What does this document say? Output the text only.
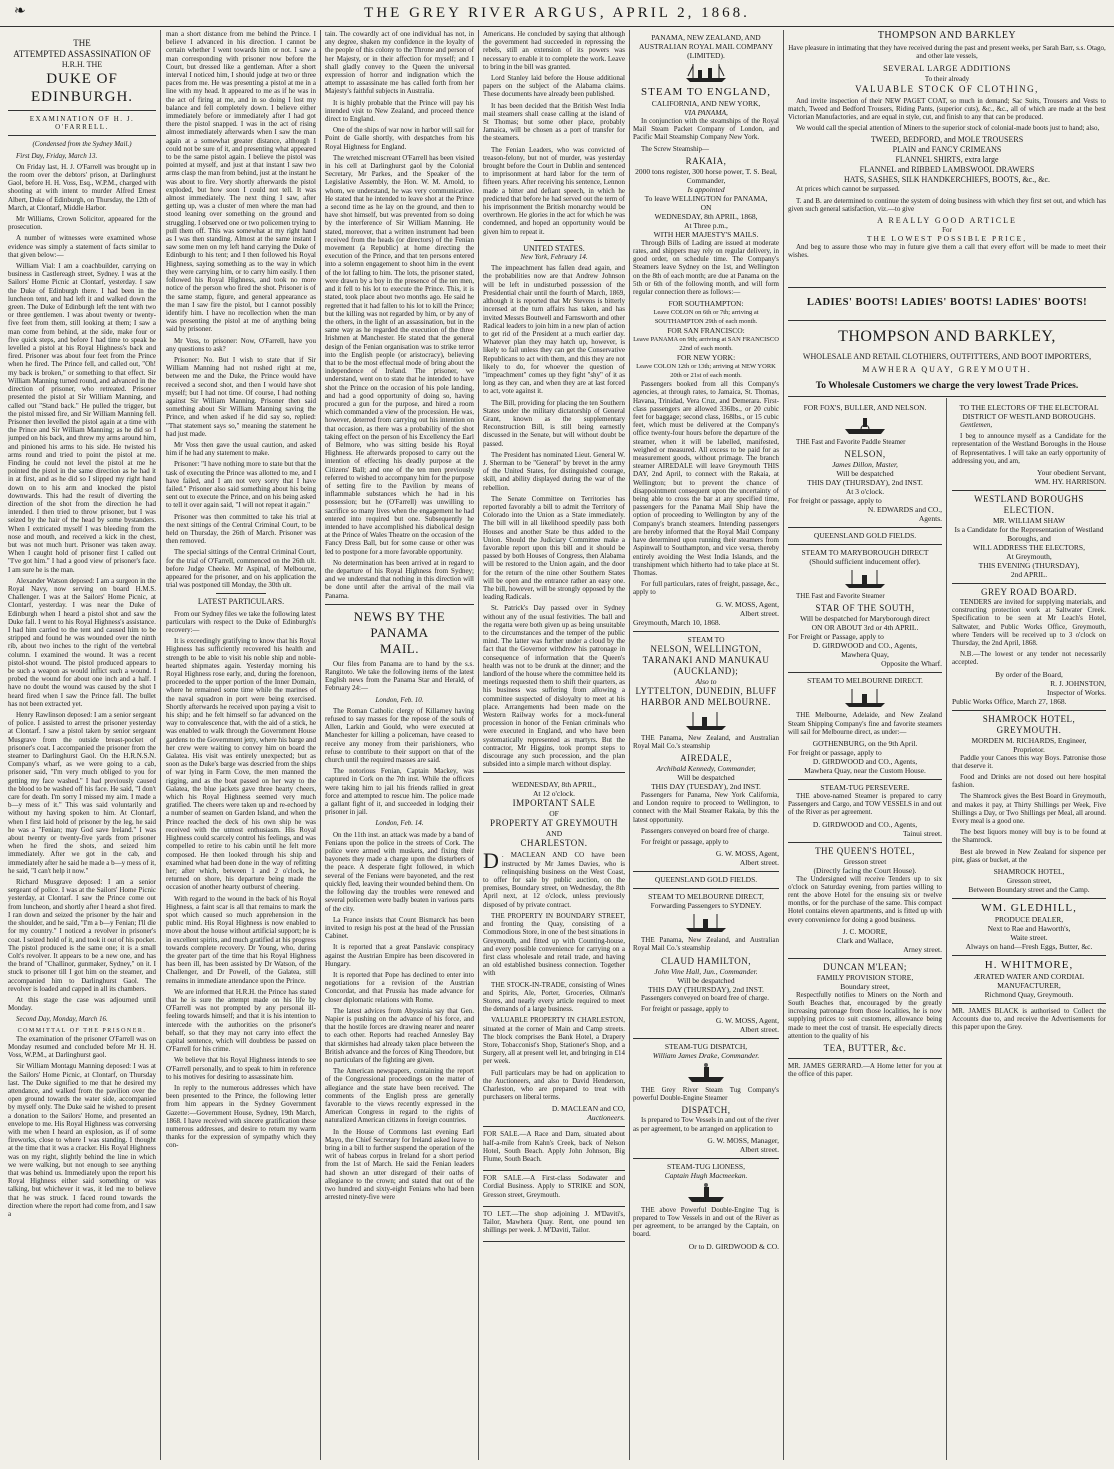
❧	THE GREY RIVER ARGUS, APRIL 2, 1868.
THE
ATTEMPTED ASSASSINATION OF
H.R.H. THE
DUKE OF EDINBURGH.
EXAMINATION OF H. J. O'FARRELL.
(Condensed from the Sydney Mail.)

First Day, Friday, March 13.

On Friday last, H. J. O'Farrell was brought up in the room over the debtors' prison, at Darlinghurst Gaol, before H. H. Voss, Esq., W.P.M., charged with shooting at with intent to murder Alfred Ernest Albert, Duke of Edinburgh, on Thursday, the 12th of March, at Clontarf, Middle Harbor.

Mr Williams, Crown Solicitor, appeared for the prosecution.

A number of witnesses were examined whose evidence was simply a statement of facts similar to that given below:—

William Vial: I am a coachbuilder, carrying on business in Castlereagh street, Sydney. I was at the Sailors' Home Picnic at Clontarf, yesterday. I saw the Duke of Edinburgh there. I had been in the luncheon tent, and had left it and walked down the green. The Duke of Edinburgh left the tent with two or three gentlemen. I was about twenty or twenty-five feet from them, still looking at them; I saw a man come from behind, at the side, make four or five quick steps, and before I had time to speak he levelled a pistol at his Royal Highness's back and fired. Prisoner was about four feet from the Prince when he fired. The Prince fell, and called out, "Oh! my back is broken," or something to that effect. Sir William Manning turned round, and advanced in the direction of prisoner, who retreated. Prisoner presented the pistol at Sir William Manning, and called out "Stand back." He pulled the trigger, but the pistol missed fire, and Sir William Manning fell. Prisoner then levelled the pistol again at a time with the Prince and Sir William Manning; as he did so I jumped on his back, and threw my arms around him, and pinioned his arms to his side. He twisted his arms round and tried to point the pistol at me. Finding he could not level the pistol at me he pointed the pistol in the same direction as he had it in at first, and as he did so I slipped my right hand down on to his arm and knocked the pistol downwards. This had the result of diverting the direction of the shot from the direction he had intended. I then tried to throw prisoner, but I was seized by the hair of the head by some bystanders. When I extricated myself I was bleeding from the nose and mouth, and received a kick in the chest, but was not much hurt. Prisoner was taken away. When I caught hold of prisoner first I called out "I've got him." I had a good view of prisoner's face. I am sure he is the man.

Alexander Watson deposed: I am a surgeon in the Royal Navy, now serving on board H.M.S. Challenger. I was at the Sailors' Home Picnic, at Clontarf, yesterday. I was near the Duke of Edinburgh when I heard a pistol shot and saw the Duke fall. I went to his Royal Highness's assistance. I had him carried to the tent and caused him to be stripped and found he was wounded over the ninth rib, about two inches to the right of the vertebral column. I examined the wound. It was a recent pistol-shot wound. The pistol produced appears to be such a weapon as would inflict such a wound. I probed the wound for about one inch and a half. I have no doubt the wound was caused by the shot I heard fired when I saw the Prince fall. The bullet has not been extracted yet.

Henry Rawlinson deposed: I am a senior sergeant of police. I assisted to arrest the prisoner yesterday at Clontarf. I saw a pistol taken by senior sergeant Musgrave from the outside breast-pocket of prisoner's coat. I accompanied the prisoner from the steamer to Darlinghurst Gaol. On the H.R.N.S.N. Company's wharf, as we were going to a cab, prisoner said, "I'm very much obliged to you for getting my face washed." I had previously caused the blood to be washed off his face. He said, "I don't care for death. I'm sorry I missed my aim. I made a b—y mess of it." This was said voluntarily and without my having spoken to him. At Clontarf, when I first laid hold of prisoner by the leg, he said he was a "Fenian; may God save Ireland." I was about twenty or twenty-five yards from prisoner when he fired the shots, and seized him immediately. After we got in the cab, and immediately after he said he made a b—y mess of it, he said, "I can't help it now."

Richard Musgrave deposed: I am a senior sergeant of police. I was at the Sailors' Home Picnic yesterday, at Clontarf. I saw the Prince come out from luncheon, and shortly after I heard a shot fired. I ran down and seized the prisoner by the hair and the shoulder, and he said, "I'm a b—y Fenian; I'll die for my country." I noticed a revolver in prisoner's coat. I seized hold of it, and took it out of his pocket. The pistol produced is the same one; it is a small Colt's revolver. It appears to be a new one, and has the brand of "Challinor, gunmaker, Sydney," on it. I stuck to prisoner till I got him on the steamer, and accompanied him to Darlinghurst Gaol. The revolver is loaded and capped in all its chambers.

At this stage the case was adjourned until Monday.

Second Day, Monday, March 16.

COMMITTAL OF THE PRISONER.

The examination of the prisoner O'Farrell was on Monday resumed and concluded before Mr H. H. Voss, W.P.M., at Darlinghurst gaol.

Sir William Montagu Manning deposed: I was at the Sailors' Home Picnic, at Clontarf, on Thursday last. The Duke signified to me that he desired my attendance, and walked from the pavilion over the open ground towards the water side, accompanied by myself only. The Duke said he wished to present a donation to the Sailors' Home, and presented an envelope to me. His Royal Highness was conversing with me when I heard an explosion, as if of some fireworks, close to where I was standing. I thought at the time that it was a cracker. His Royal Highness was on my right, slightly behind the line in which we were walking, but not enough to see anything that was behind us. Immediately upon the report his Royal Highness either said something or was talking, but whichever it was, it led me to believe that he was struck. I faced round towards the direction where the report had come from, and I saw a

man a short distance from me behind the Prince. I believe I advanced in his direction. I cannot be certain whether I went towards him or not. I saw a man corresponding with prisoner now before the Court, but dressed like a gentleman. After a short interval I noticed him, I should judge at two or three paces from me. He was presenting a pistol at me in a line with my head. It appeared to me as if he was in the act of firing at me, and in so doing I lost my balance and fell completely down. I believe either immediately before or immediately after I had got there the pistol snapped. I was in the act of rising almost immediately afterwards when I saw the man again at a somewhat greater distance, although I could not be sure of it, and presenting what appeared to be the same pistol again. I believe the pistol was pointed at myself, and just at that instant I saw two arms clasp the man from behind, just at the instant he was about to fire. Very shortly afterwards the pistol exploded, but how soon I could not tell. It was almost immediately. The next thing I saw, after getting up, was a cluster of men where the man had stood leaning over something on the ground and struggling. I observed one or two policemen trying to pull them off. This was somewhat at my right hand as I was then standing. Almost at the same instant I saw some men on my left hand carrying the Duke of Edinburgh to his tent; and I then followed his Royal Highness, saying something as to the way in which they were carrying him, or to carry him easily. I then followed his Royal Highness, and took no more notice of the person who fired the shot. Prisoner is of the same stamp, figure, and general appearance as the man I saw fire the pistol, but I cannot possibly identify him. I have no recollection when the man was presenting the pistol at me of anything being said by prisoner.

Mr Voss, to prisoner: Now, O'Farrell, have you any questions to ask?

Prisoner: No. But I wish to state that if Sir William Manning had not rushed right at me, between me and the Duke, the Prince would have received a second shot, and then I would have shot myself; but I had not time. Of course, I had nothing against Sir William Manning. Prisoner then said something about Sir William Manning saving the Prince, and when asked if he did say so, replied: "That statement says so," meaning the statement he had just made.

Mr Voss then gave the usual caution, and asked him if he had any statement to make.

Prisoner: "I have nothing more to state but that the task of executing the Prince was allotted to me, and I have failed, and I am not very sorry that I have failed." Prisoner also said something about his being sent out to execute the Prince, and on his being asked to tell it over again said, "I will not repeat it again."

Prisoner was then committed to take his trial at the next sittings of the Central Criminal Court, to be held on Thursday, the 26th of March. Prisoner was then removed.

The special sittings of the Central Criminal Court, for the trial of O'Farrell, commenced on the 26th ult. before Judge Cheeke. Mr Aspinal, of Melbourne, appeared for the prisoner, and on his application the trial was postponed till Monday, the 30th ult.

LATEST PARTICULARS.

From our Sydney files we take the following latest particulars with respect to the Duke of Edinburgh's recovery:—

It is exceedingly gratifying to know that his Royal Highness has sufficiently recovered his health and strength to be able to visit his noble ship and noble-hearted shipmates again. Yesterday morning his Royal Highness rose early, and, during the forenoon, proceeded to the upper portion of the Inner Domain, where he remained some time while the marines of the naval squadron in port were being exercised. Shortly afterwards he received upon paying a visit to his ship; and he felt himself so far advanced on the way to convalescence that, with the aid of a stick, he was enabled to walk through the Government House gardens to the Government jetty, where his barge and her crew were waiting to convey him on board the Galatea. His visit was entirely unexpected; but as soon as the Duke's barge was descried from the ships of war lying in Farm Cove, the men manned the rigging, and as the boat passed on her way to the Galatea, the blue jackets gave three hearty cheers, which his Royal Highness seemed very much gratified. The cheers were taken up and re-echoed by a number of seamen on Garden Island, and when the Prince reached the deck of his own ship he was received with the utmost enthusiasm. His Royal Highness could scarcely control his feelings, and was compelled to retire to his cabin until he felt more composed. He then looked through his ship and examined what had been done in the way of refitting her; after which, between 1 and 2 o'clock, he returned on shore, his departure being made the occasion of another hearty outburst of cheering.

With regard to the wound in the back of his Royal Highness, a faint scar is all that remains to mark the spot which caused so much apprehension in the public mind. His Royal Highness is now enabled to move about the house without artificial support; he is in excellent spirits, and much gratified at his progress towards complete recovery. Dr Young, who, during the greater part of the time that his Royal Highness has been ill, has been assisted by Dr Watson, of the Challenger, and Dr Powell, of the Galatea, still remains in immediate attendance upon the Prince.

We are informed that H.R.H. the Prince has stated that he is sure the attempt made on his life by O'Farrell was not prompted by any personal ill-feeling towards himself; and that it is his intention to intercede with the authorities on the prisoner's behalf, so that they may not carry into effect the capital sentence, which will doubtless be passed on O'Farrell for his crime.

We believe that his Royal Highness intends to see O'Farrell personally, and to speak to him in reference to his motives for desiring to assassinate him.

In reply to the numerous addresses which have been presented to the Prince, the following letter from him appears in the Sydney Government Gazette:—Government House, Sydney, 19th March, 1868. I have received with sincere gratification these numerous addresses, and desire to return my warm thanks for the expression of sympathy which they con-

tain. The cowardly act of one individual has not, in any degree, shaken my confidence in the loyalty of the people of this colony to the Throne and person of her Majesty, or in their affection for myself; and I shall gladly convey to the Queen the universal expression of horror and indignation which the attempt to assassinate me has called forth from her Majesty's faithful subjects in Australia.

It is highly probable that the Prince will pay his intended visit to New Zealand, and proceed thence direct to England.

One of the ships of war now in harbor will sail for Point de Galle shortly, with despatches from his Royal Highness for England.

The wretched miscreant O'Farrell has been visited in his cell at Darlinghurst gaol by the Colonial Secretary, Mr Parkes, and the Speaker of the Legislative Assembly, the Hon. W. M. Arnold, to whom, we understand, he was very communicative. He stated that he intended to leave shot at the Prince a second time as he lay on the ground, and then to have shot himself, but was prevented from so doing by the interference of Sir William Manning. He stated, moreover, that a written instrument had been received from the heads (or directors) of the Fenian movement (a Republic) at home directing the execution of the Prince, and that ten persons entered into a solemn engagement to shoot him in the event of the lot falling to him. The lots, the prisoner stated, were drawn by a boy in the presence of the ten men, and it fell to his lot to execute the Prince. This, it is stated, took place about two months ago. He said he regretted that it had fallen to his lot to kill the Prince; but the killing was not regarded by him, or by any of the others, in the light of an assassination, but in the same way as he regarded the execution of the three Irishmen at Manchester. He stated that the general design of the Fenian organisation was to strike terror into the English people (or aristocracy), believing that to be the most effectual mode of bring about the independence of Ireland. The prisoner, we understand, went on to state that he intended to have shot the Prince on the occasion of his pole landing, and had a good opportunity of doing so, having procured a gun for the purpose, and hired a room which commanded a view of the procession. He was, however, deterred from carrying out his intention on that occasion, as there was a probability of the shot taking effect on the person of his Excellency the Earl of Belmore, who was sitting beside his Royal Highness. He afterwards proposed to carry out the intention of effecting his deadly purpose at the Citizens' Ball; and one of the ten men previously referred to wished to accompany him for the purpose of setting fire to the Pavilion by means of inflammable substances which he had in his possession; but he (O'Farrell) was unwilling to sacrifice so many lives when the engagement he had entered into required but one. Subsequently he intended to have accomplished his diabolical design at the Prince of Wales Theatre on the occasion of the Fancy Dress Ball, but for some cause or other was led to postpone for a more favorable opportunity.

No determination has been arrived at in regard to the departure of his Royal Highness from Sydney; and we understand that nothing in this direction will be done until after the arrival of the mail via Panama.

NEWS BY THE PANAMA
MAIL.

Our files from Panama are to hand by the s.s. Rangitoto. We take the following items of the latest English news from the Panama Star and Herald, of February 24:—

London, Feb. 10.

The Roman Catholic clergy of Killarney having refused to say masses for the repose of the souls of Allen, Larkin and Gould, who were executed at Manchester for killing a policeman, have ceased to receive any money from their parishioners, who refuse to contribute to their support on that of the church until the required masses are said.

The notorious Fenian, Captain Mackey, was captured in Cork on the 7th inst. While the officers were taking him to jail his friends rallied in great force and attempted to rescue him. The police made a gallant fight of it, and succeeded in lodging their prisoner in jail.

London, Feb. 14.

On the 11th inst. an attack was made by a band of Fenians upon the police in the streets of Cork. The police were armed with muskets, and fixing their bayonets they made a charge upon the disturbers of the peace. A desperate fight followed, in which several of the Fenians were bayoneted, and the rest quickly fled, leaving their wounded behind them. On the following day the troubles were renewed and several policemen were badly beaten in various parts of the city.

La France insists that Count Bismarck has been invited to resign his post at the head of the Prussian Cabinet.

It is reported that a great Panslavic conspiracy against the Austrian Empire has been discovered in Hungary.

It is reported that Pope has declined to enter into negotiations for a revision of the Austrian Concordat, and that Prussia has made advance for closer diplomatic relations with Rome.

The latest advices from Abyssinia say that Gen. Napier is pushing on the advance of his force, and that the hostile forces are drawing nearer and nearer to each other. Reports had reached Annesley Bay that skirmishes had already taken place between the British advance and the forces of King Theodore, but no particulars of the fighting are given.

The American newspapers, containing the report of the Congressional proceedings on the matter of allegiance and the state have been received. The comments of the English press are generally favorable to the views recently expressed in the American Congress in regard to the rights of naturalized American citizens in foreign countries.

In the House of Commons last evening Earl Mayo, the Chief Secretary for Ireland asked leave to bring in a bill to further suspend the operation of the writ of habeas corpus in Ireland for a short period from the 1st of March. He said the Fenian leaders had shown an utter disregard of their oaths of allegiance to the crown; and stated that out of the two hundred and sixty-eight Fenians who had been arrested ninety-five were

Americans. He concluded by saying that although the government had succeeded in repressing the rebels, still an extension of its powers was necessary to enable it to complete the work. Leave to bring in the bill was granted.

Lord Stanley laid before the House additional papers on the subject of the Alabama claims. These documents have already been published.

It has been decided that the British West India mail steamers shall cease calling at the island of St Thomas; but some other place, probably Jamaica, will be chosen as a port of transfer for the steamers.

The Fenian Leaders, who was convicted of treason-felony, but not of murder, was yesterday brought before the Court in Dublin and sentenced to imprisonment at hard labor for the term of fifteen years. After receiving his sentence, Lennon made a bitter and defiant speech, in which he predicted that before he had served out the term of his imprisonment the British monarchy would be overthrown. He glories in the act for which he was condemned, and hoped an opportunity would be given him to repeat it.

UNITED STATES.

New York, February 14.

The impeachment has fallen dead again, and the probabilities now are that Andrew Johnson will be left in undisturbed possession of the Presidential chair until the fourth of March, 1869, although it is reported that Mr Stevens is bitterly incensed at the turn affairs has taken, and has invited Messrs Boutwell and Farnsworth and other Radical leaders to join him in a new plan of action to get rid of the President at a much earlier day. Whatever plan they may hatch up, however, is likely to fail unless they can get the Conservative Republicans to act with them, and this they are not likely to do, for whoever the question of "impeachment" comes up they fight "shy" of it as long as they can, and when they are at last forced to act, vote against it.

The Bill, providing for placing the ten Southern States under the military dictatorship of General Grant, known as the supplementary Reconstruction Bill, is still being earnestly discussed in the Senate, but will without doubt be passed.

The President has nominated Lieut. General W. J. Sherman to be "General" by brevet in the army of the United States, for distinguished courage, skill, and ability displayed during the war of the rebellion.

The Senate Committee on Territories has reported favorably a bill to admit the Territory of Colorado into the Union as a State immediately. The bill will in all likelihood speedily pass both Houses and another State be thus added to the Union. Should the Judiciary Committee make a favorable report upon this bill and it should be passed by both Houses of Congress, then Alabama will be restored to the Union again, and the door for the return of the nine other Southern States will be open and the entrance rather an easy one. The bill, however, will be strongly opposed by the leading Radicals.

St. Patrick's Day passed over in Sydney without any of the usual festivities. The ball and the regatta were both given up as being unsuitable to the circumstances and the temper of the public mind. The latter was further under a cloud by the fact that the Governor withdrew his patronage in consequence of information that the Queen's health was not to be drunk at the dinner; and the landlord of the house where the committee held its meetings requested them to shift their quarters, as his business was suffering from allowing a committee suspected of disloyalty to meet at his place. Arrangements had been made on the Western Railway works for a mock-funeral procession in honor of the Fenian criminals who were executed in England, and who have been systematically represented as martyrs. But the contractor, Mr Higgins, took prompt steps to discourage any such procession, and the plan subsided into a simple march without display.

WEDNESDAY, 8th APRIL,
At 12 o'clock.
IMPORTANT SALE
OF
PROPERTY AT GREYMOUTH
AND
CHARLESTON.

D . MACLEAN AND CO have been instructed by Mr James Davies, who is relinquishing business on the West Coast, to offer for sale by public auction, on the premises, Boundary street, on Wednesday, the 8th April next, at 12 o'clock, unless previously disposed of by private contract.

THE PROPERTY IN BOUNDARY STREET, and fronting the Quay, consisting of a Commodious Store, in one of the best situations in Greymouth, and fitted up with Counting-house, and every possible convenience for carrying on a first class wholesale and retail trade, and having an old established business connection. Together with

THE STOCK-IN-TRADE, consisting of Wines and Spirits, Ale, Porter, Groceries, Oilman's Stores, and nearly every article required to meet the demands of a large business.

VALUABLE PROPERTY IN CHARLESTON, situated at the corner of Main and Camp streets. The block comprises the Bank Hotel, a Drapery Store, Tobacconist's Shop, Stationer's Shop, and a Surgery, all at present well let, and bringing in £14 per week.

Full particulars may be had on application to the Auctioneers, and also to David Henderson, Charleston, who are prepared to treat with purchasers on liberal terms.

D. MACLEAN and CO,
Auctioneers.

FOR SALE.—A Race and Dam, situated about half-a-mile from Kahn's Creek, back of Nelson Hotel, South Beach. Apply John Johnson, Big Flume, South Beach.

FOR SALE.—A First-class Sodawater and Cordial Business. Apply to STRIKE and SON, Gresson street, Greymouth.

TO LET.—The shop adjoining J. M'Daviti's, Tailor, Mawhera Quay. Rent, one pound ten shillings per week. J. M'Daviti, Tailor.

PANAMA, NEW ZEALAND, AND AUSTRALIAN ROYAL MAIL COMPANY
(LIMITED).
STEAM TO ENGLAND,
CALIFORNIA, AND NEW YORK,
VIA PANAMA,

In conjunction with the steamships of the Royal Mail Steam Packet Company of London, and Pacific Mail Steamship Company New York.

The Screw Steamship—

RAKAIA,
2000 tons register, 300 horse power, T. S. Beal, Commander,
Is appointed
To leave WELLINGTON for PANAMA,
ON
WEDNESDAY, 8th APRIL, 1868,
At Three p.m.,
WITH HER MAJESTY'S MAILS.

Through Bills of Lading are issued at moderate rates, and shippers may rely on regular delivery, in good order, on schedule time. The Company's Steamers leave Sydney on the 1st, and Wellington on the 8th of each month; are due at Panama on the 5th or 6th of the following month, and will form regular connection there as follows:—

FOR SOUTHAMPTON:
Leave COLON on 6th or 7th; arriving at SOUTHAMPTON 29th of each month.
FOR SAN FRANCISCO:
Leave PANAMA on 9th; arriving at SAN FRANCISCO 22nd of each month.
FOR NEW YORK:
Leave COLON 12th or 13th; arriving at NEW YORK 20th or 21st of each month.

Passengers booked from all this Company's agencies, at through rates, to Jamaica, St. Thomas, Havana, Trinidad, Vera Cruz, and Demerara. First-class passengers are allowed 336lbs., or 20 cubic feet for baggage; second class, 168lbs., or 15 cubic feet, which must be delivered at the Company's office twenty-four hours before the departure of the steamer, when it will be labelled, manifested, weighed or measured. All excess to be paid for as measurement goods, without primage. The branch steamer AIREDALE will leave Greymouth THIS DAY, 2nd April, to connect with the Rakaia, at Wellington; but to prevent the chance of disappointment consequent upon the uncertainty of being able to cross the bar at any specified time, passengers for the Panama Mail Ship have the option of proceeding to Wellington by any of the Company's branch steamers. Intending passengers are hereby informed that the Royal Mail Company have determined upon running their steamers from Aspinwall to Southampton, and vice versa, thereby entirely avoiding the West India Islands, and the transhipment which hitherto had to take place at St. Thomas.

For full particulars, rates of freight, passage, &c., apply to

G. W. MOSS, Agent,
Albert street.
Greymouth, March 10, 1868.
STEAM TO
NELSON, WELLINGTON, TARANAKI AND MANUKAU (AUCKLAND);
Also to
LYTTELTON, DUNEDIN, BLUFF HARBOR AND MELBOURNE.

THE Panama, New Zealand, and Australian Royal Mail Co.'s steamship

AIREDALE,
Archibald Kennedy, Commander,
Will be despatched
THIS DAY (TUESDAY), 2nd INST.

Passengers for Panama, New York California, and London require to proceed to Wellington, to connect with the Mail Steamer Rakaia, by this the latest opportunity.

Passengers conveyed on board free of charge.

For freight or passage, apply to

G. W. MOSS, Agent,
Albert street.
QUEENSLAND GOLD FIELDS.
STEAM TO MELBOURNE DIRECT,
Forwarding Passengers to SYDNEY.

THE Panama, New Zealand, and Australian Royal Mail Co.'s steamship

CLAUD HAMILTON,
John Vine Hall, Jun., Commander.
Will be despatched
THIS DAY (THURSDAY), 2nd INST.

Passengers conveyed on board free of charge.

For freight or passage, apply to

G. W. MOSS, Agent,
Albert street.
STEAM-TUG DISPATCH,
William James Drake, Commander.

THE Grey River Steam Tug Company's powerful Double-Engine Steamer

DISPATCH,

Is prepared to Tow Vessels in and out of the river as per agreement, to be arranged on application to

G. W. MOSS, Manager,
Albert street.
STEAM-TUG LIONESS,
Captain Hugh Macmeekan.

THE above Powerful Double-Engine Tug is prepared to Tow Vessels in and out of the River as per agreement, to be arranged by the Captain, on board.

Or to D. GIRDWOOD & CO.
THOMPSON AND BARKLEY

Have pleasure in intimating that they have received during the past and present weeks, per Sarah Barr, s.s. Otago, and other late vessels,

SEVERAL LARGE ADDITIONS
To their already
VALUABLE STOCK OF CLOTHING,

And invite inspection of their NEW PAGET COAT, so much in demand; Sac Suits, Trousers and Vests to match, Tweed and Bedford Trousers, Riding Pants, (superior cuts), &c., &c., all of which are made at the best Victorian Manufactories, and are equal in style, cut, and finish to any that can be produced.

We would call the special attention of Miners to the superior stock of colonial-made boots just to hand; also,

TWEED, BEDFORD, and MOLE TROUSERS
PLAIN and FANCY CRIMEANS
FLANNEL SHIRTS, extra large
FLANNEL and RIBBED LAMBSWOOL DRAWERS
HATS, SASHES, SILK HANDKERCHIEFS, BOOTS, &c., &c.

At prices which cannot be surpassed.

T. and B. are determined to continue the system of doing business with which they first set out, and which has given such general satisfaction, viz.—to give

A REALLY GOOD ARTICLE
For
THE LOWEST POSSIBLE PRICE,

And beg to assure those who may in future give them a call that every effort will be made to meet their wishes.

LADIES' BOOTS! LADIES' BOOTS! LADIES' BOOTS!
THOMPSON AND BARKLEY,
WHOLESALE AND RETAIL CLOTHIERS, OUTFITTERS, AND BOOT IMPORTERS,
MAWHERA QUAY, GREYMOUTH.
To Wholesale Customers we charge the very lowest Trade Prices.
FOR FOX'S, BULLER, AND NELSON.

THE Fast and Favorite Paddle Steamer

NELSON,
James Dillon, Master,
Will be despatched
THIS DAY (THURSDAY), 2nd INST.
At 3 o'clock.
For freight or passage, apply to
N. EDWARDS and CO.,
Agents.
QUEENSLAND GOLD FIELDS.
STEAM TO MARYBOROUGH DIRECT
(Should sufficient inducement offer).

THE Fast and Favorite Steamer

STAR OF THE SOUTH,
Will be despatched for Maryborough direct
ON OR ABOUT 3rd or 4th APRIL.
For Freight or Passage, apply to
D. GIRDWOOD and CO., Agents,
Mawhera Quay,
Opposite the Wharf.
STEAM TO MELBOURNE DIRECT.

THE Melbourne, Adelaide, and New Zealand Steam Shipping Company's fine and favorite steamers will sail for Melbourne direct, as under:—

GOTHENBURG, on the 9th April.
For freight or passage, apply to
D. GIRDWOOD and CO., Agents,
Mawhera Quay, near the Custom House.
STEAM-TUG PERSEVERE.

THE above-named Steamer is prepared to carry Passengers and Cargo, and TOW VESSELS in and out of the River as per agreement.

D. GIRDWOOD and CO., Agents,
Tainui street.
THE QUEEN'S HOTEL,
Gresson street
(Directly facing the Court House).

The Undersigned will receive Tenders up to six o'clock on Saturday evening, from parties willing to rent the above Hotel for the ensuing six or twelve months, or for the purchase of the same. This compact Hotel contains eleven apartments, and is fitted up with every convenience for doing a good business.

J. C. MOORE,
Clark and Wallace,
Arney street.
DUNCAN M'LEAN;
FAMILY PROVISION STORE,
Boundary street,

Respectfully notifies to Miners on the North and South Beaches that, encouraged by the greatly increasing patronage from those localities, he is now supplying prices to suit customers, allowance being made to meet the cost of transit. He especially directs attention to the quality of his

TEA, BUTTER, &c.

MR. JAMES GERRARD.—A Home letter for you at the office of this paper.

TO THE ELECTORS OF THE ELECTORAL DISTRICT OF WESTLAND BOROUGHS.

Gentlemen,

I beg to announce myself as a Candidate for the representation of the Westland Boroughs in the House of Representatives. I will take an early opportunity of addressing you, and am,

Your obedient Servant,
WM. HY. HARRISON.
WESTLAND BOROUGHS ELECTION.
MR. WILLIAM SHAW
Is a Candidate for the Representation of Westland Boroughs, and
WILL ADDRESS THE ELECTORS,
At Greymouth,
THIS EVENING (THURSDAY),
2nd APRIL.
GREY ROAD BOARD.

TENDERS are invited for supplying materials, and constructing protection work at Saltwater Creek. Specification to be seen at Mr Leach's Hotel, Saltwater, and Public Works Office, Greymouth, where Tenders will be received up to 3 o'clock on Thursday, the 2nd April, 1868.

N.B.—The lowest or any tender not necessarily accepted.

By order of the Board,
R. J. JOHNSTON,
Inspector of Works.
Public Works Office, March 27, 1868.
SHAMROCK HOTEL, GREYMOUTH.
MORDEN M. RICHARDS, Engineer,
Proprietor.

Paddle your Canoes this way Boys. Patronise those that deserve it.

Food and Drinks are not dosed out here hospital fashion.

The Shamrock gives the Best Board in Greymouth, and makes it pay, at Thirty Shillings per Week, Five Shillings a Day, or Two Shillings per Meal, all around. Every meal is a good one.

The best liquors money will buy is to be found at the Shamrock.

Best ale brewed in New Zealand for sixpence per pint, glass or bucket, at the

SHAMROCK HOTEL,
Gresson street,
Between Boundary street and the Camp.
WM. GLEDHILL,
PRODUCE DEALER,
Next to Rae and Haworth's,
Waite street.
Always on hand—Fresh Eggs, Butter, &c.
H. WHITMORE,
ÆRATED WATER AND CORDIAL
MANUFACTURER,
Richmond Quay, Greymouth.

MR. JAMES BLACK is authorised to Collect the Accounts due to, and receive the Advertisements for this paper upon the Grey.
